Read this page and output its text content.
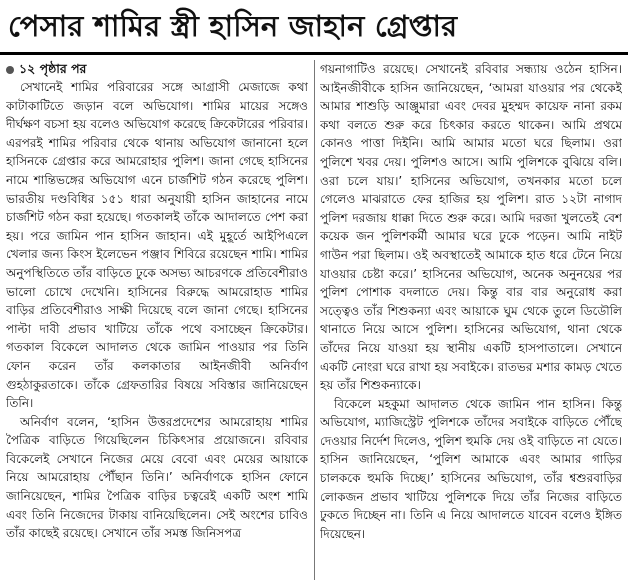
পেসার শামির স্ত্রী হাসিন জাহান গ্রেপ্তার
১২ পৃষ্ঠার পর

সেখানেই শামির পরিবারের সঙ্গে আগ্রাসী মেজাজে কথা কাটাকাটিতে জড়ান বলে অভিযোগ। শামির মায়ের সঙ্গেও দীর্ঘক্ষণ বচসা হয় বলেও অভিযোগ করেছে ক্রিকেটারের পরিবার। এরপরই শামির পরিবার থেকে থানায় অভিযোগ জানানো হলে হাসিনকে গ্রেপ্তার করে আমরোহার পুলিশ। জানা গেছে হাসিনের নামে শান্তিভঙ্গের অভিযোগ এনে চার্জশিট গঠন করেছে পুলিশ। ভারতীয় দণ্ডবিধির ১৫১ ধারা অনুযায়ী হাসিন জাহানের নামে চার্জশিট গঠন করা হয়েছে। গতকালই তাঁকে আদালতে পেশ করা হয়। পরে জামিন পান হাসিন জাহান। এই মুহূর্তে আইপিএলে খেলার জন্য কিংস ইলেভেন পঞ্জাব শিবিরে রয়েছেন শামি। শামির অনুপস্থিতিতে তাঁর বাড়িতে ঢুকে অসভ্য আচরণকে প্রতিবেশীরাও ভালো চোখে দেখেনি। হাসিনের বিরুদ্ধে আমরোহাড শামির বাড়ির প্রতিবেশীরাও সাক্ষী দিয়েছে বলে জানা গেছে। হাসিনের পাল্টা দাবী প্রভাব খাটিয়ে তাঁকে পথে বসাচ্ছেন ক্রিকেটার। গতকাল বিকেলে আদালত থেকে জামিন পাওয়ার পর তিনি ফোন করেন তাঁর কলকাতার আইনজীবী অনির্বাণ গুহঠাকুরতাকে। তাঁকে গ্রেফতারির বিষয়ে সবিস্তার জানিয়েছেন তিনি।

অনির্বাণ বলেন, ‘হাসিন উত্তরপ্রদেশের আমরোহায় শামির পৈত্রিক বাড়িতে গিয়েছিলেন চিকিৎসার প্রয়োজনে। রবিবার বিকেলেই সেখানে নিজের মেয়ে বেবো এবং মেয়ের আয়াকে নিয়ে আমরোহায় পৌঁছান তিনি।’ অনির্বাণকে হাসিন ফোনে জানিয়েছেন, শামির পৈত্রিক বাড়ির চত্বরেই একটি অংশ শামি এবং তিনি নিজেদের টাকায় বানিয়েছিলেন। সেই অংশের চাবিও তাঁর কাছেই রয়েছে। সেখানে তাঁর সমস্ত জিনিসপত্র

গয়নাগাটিও রয়েছে। সেখানেই রবিবার সন্ধ্যায় ওঠেন হাসিন। আইনজীবীকে হাসিন জানিয়েছেন, ‘আমরা যাওয়ার পর থেকেই আমার শাশুড়ি আঞ্জুমারা এবং দেবর মুহম্মদ কায়েফ নানা রকম কথা বলতে শুরু করে চিৎকার করতে থাকেন। আমি প্রথমে কোনও পাত্তা দিইনি। আমি আমার মতো ঘরে ছিলাম। ওরা পুলিশে খবর দেয়। পুলিশও আসে। আমি পুলিশকে বুঝিয়ে বলি। ওরা চলে যায়।’ হাসিনের অভিযোগ, তখনকার মতো চলে গেলেও মাঝরাতে ফের হাজির হয় পুলিশ। রাত ১২টা নাগাদ পুলিশ দরজায় ধাক্কা দিতে শুরু করে। আমি দরজা খুলতেই বেশ কয়েক জন পুলিশকর্মী আমার ঘরে ঢুকে পড়েন। আমি নাইট গাউন পরা ছিলাম। ওই অবস্থাতেই আমাকে হাত ধরে টেনে নিয়ে যাওয়ার চেষ্টা করে।’ হাসিনের অভিযোগ, অনেক অনুনয়ের পর পুলিশ পোশাক বদলাতে দেয়। কিন্তু বার বার অনুরোধ করা সত্ত্বেও তাঁর শিশুকন্যা এবং আয়াকে ঘুম থেকে তুলে ডিডৌলি থানাতে নিয়ে আসে পুলিশ। হাসিনের অভিযোগ, থানা থেকে তাঁদের নিয়ে যাওয়া হয় স্থানীয় একটি হাসপাতালে। সেখানে একটি নোংরা ঘরে রাখা হয় সবাইকে। রাতভর মশার কামড় খেতে হয় তাঁর শিশুকন্যাকে।

বিকেলে মহকুমা আদালত থেকে জামিন পান হাসিন। কিন্তু অভিযোগ, ম্যাজিস্ট্রেট পুলিশকে তাঁদের সবাইকে বাড়িতে পৌঁছে দেওয়ার নির্দেশ দিলেও, পুলিশ হুমকি দেয় ওই বাড়িতে না যেতে। হাসিন জানিয়েছেন, ‘পুলিশ আমাকে এবং আমার গাড়ির চালককে হুমকি দিচ্ছে।’ হাসিনের অভিযোগ, তাঁর শ্বশুরবাড়ির লোকজন প্রভাব খাটিয়ে পুলিশকে দিয়ে তাঁর নিজের বাড়িতে ঢুকতে দিচ্ছেন না। তিনি এ নিয়ে আদালতে যাবেন বলেও ইঙ্গিত দিয়েছেন।
